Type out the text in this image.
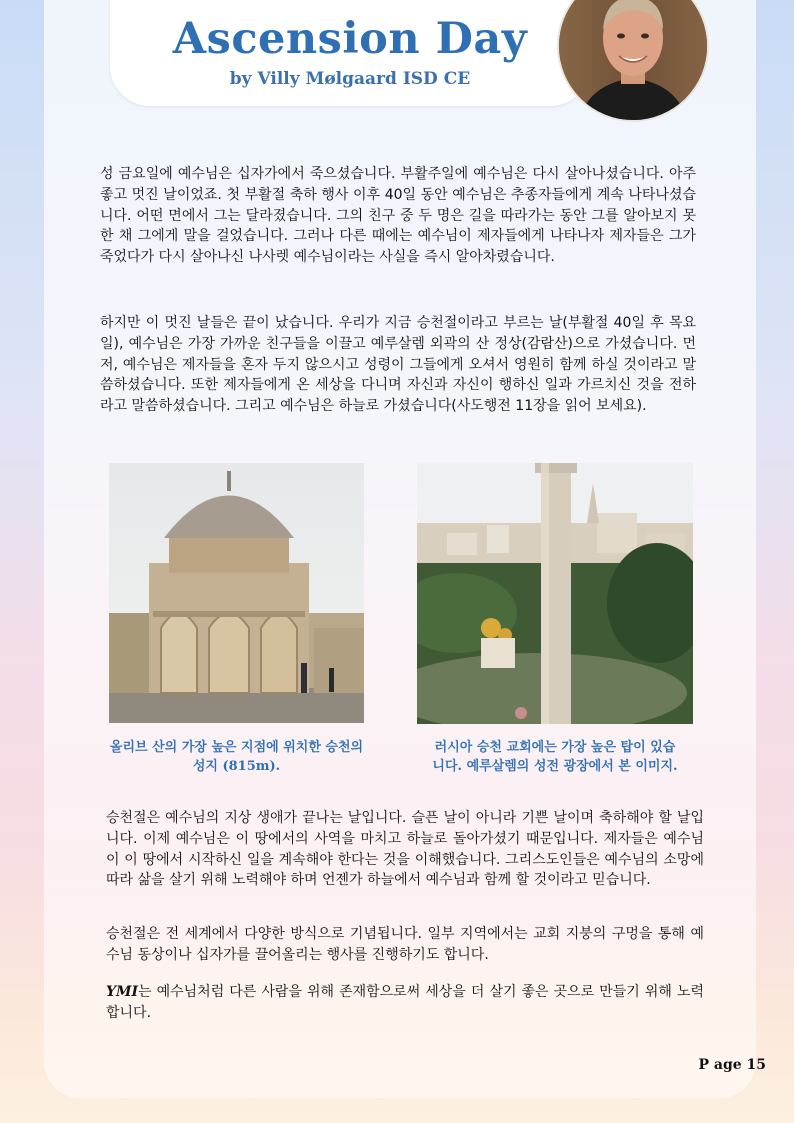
Ascension Day

by Villy Mølgaard ISD CE

성 금요일에 예수님은 십자가에서 죽으셨습니다. 부활주일에 예수님은 다시 살아나셨습니다. 아주 좋고 멋진 날이었죠. 첫 부활절 축하 행사 이후 40일 동안 예수님은 추종자들에게 계속 나타나셨습니다. 어떤 면에서 그는 달라졌습니다. 그의 친구 중 두 명은 길을 따라가는 동안 그를 알아보지 못한 채 그에게 말을 걸었습니다. 그러나 다른 때에는 예수님이 제자들에게 나타나자 제자들은 그가 죽었다가 다시 살아나신 나사렛 예수님이라는 사실을 즉시 알아차렸습니다.

하지만 이 멋진 날들은 끝이 났습니다. 우리가 지금 승천절이라고 부르는 날(부활절 40일 후 목요일), 예수님은 가장 가까운 친구들을 이끌고 예루살렘 외곽의 산 정상(감람산)으로 가셨습니다. 먼저, 예수님은 제자들을 혼자 두지 않으시고 성령이 그들에게 오셔서 영원히 함께 하실 것이라고 말씀하셨습니다. 또한 제자들에게 온 세상을 다니며 자신과 자신이 행하신 일과 가르치신 것을 전하라고 말씀하셨습니다. 그리고 예수님은 하늘로 가셨습니다(사도행전 11장을 읽어 보세요).

올리브 산의 가장 높은 지점에 위치한 승천의 성지 (815m).

러시아 승천 교회에는 가장 높은 탑이 있습니다. 예루살렘의 성전 광장에서 본 이미지.

승천절은 예수님의 지상 생애가 끝나는 날입니다. 슬픈 날이 아니라 기쁜 날이며 축하해야 할 날입니다. 이제 예수님은 이 땅에서의 사역을 마치고 하늘로 돌아가셨기 때문입니다. 제자들은 예수님이 이 땅에서 시작하신 일을 계속해야 한다는 것을 이해했습니다. 그리스도인들은 예수님의 소망에 따라 삶을 살기 위해 노력해야 하며 언젠가 하늘에서 예수님과 함께 할 것이라고 믿습니다.

승천절은 전 세계에서 다양한 방식으로 기념됩니다. 일부 지역에서는 교회 지붕의 구멍을 통해 예수님 동상이나 십자가를 끌어올리는 행사를 진행하기도 합니다.

YMI는 예수님처럼 다른 사람을 위해 존재함으로써 세상을 더 살기 좋은 곳으로 만들기 위해 노력합니다.

P age 15
